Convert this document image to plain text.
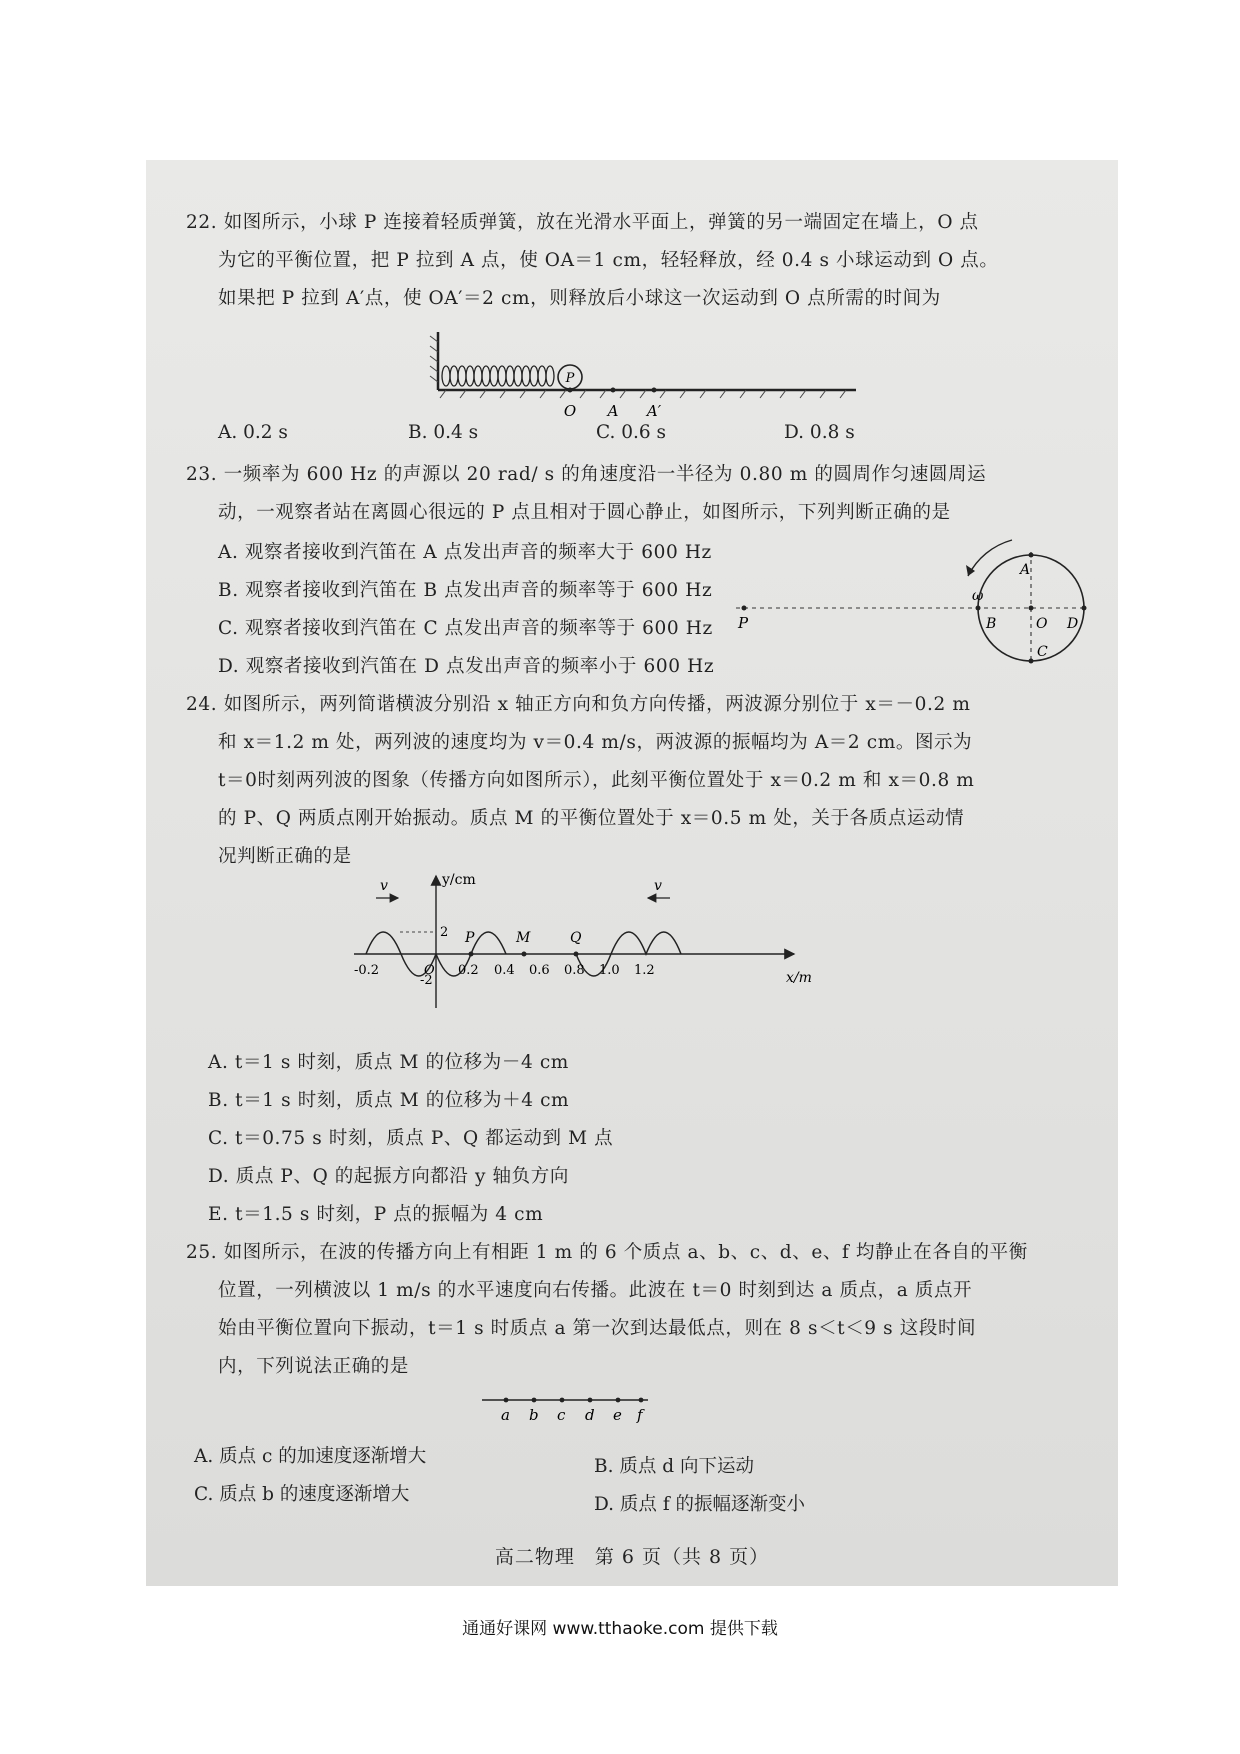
22. 如图所示，小球 P 连接着轻质弹簧，放在光滑水平面上，弹簧的另一端固定在墙上，O 点
为它的平衡位置，把 P 拉到 A 点，使 OA＝1 cm，轻轻释放，经 0.4 s 小球运动到 O 点。
如果把 P 拉到 A′点，使 OA′＝2 cm，则释放后小球这一次运动到 O 点所需的时间为
P
O A A′
A. 0.2 s	B. 0.4 s	C. 0.6 s	D. 0.8 s
23. 一频率为 600 Hz 的声源以 20 rad/ s 的角速度沿一半径为 0.80 m 的圆周作匀速圆周运
动，一观察者站在离圆心很远的 P 点且相对于圆心静止，如图所示，下列判断正确的是
A. 观察者接收到汽笛在 A 点发出声音的频率大于 600 Hz
B. 观察者接收到汽笛在 B 点发出声音的频率等于 600 Hz
C. 观察者接收到汽笛在 C 点发出声音的频率等于 600 Hz
D. 观察者接收到汽笛在 D 点发出声音的频率小于 600 Hz
P
A
B	O D
C
ω
24. 如图所示，两列简谐横波分别沿 x 轴正方向和负方向传播，两波源分别位于 x＝－0.2 m
和 x＝1.2 m 处，两列波的速度均为 v＝0.4 m/s，两波源的振幅均为 A＝2 cm。图示为
t＝0时刻两列波的图象（传播方向如图所示），此刻平衡位置处于 x＝0.2 m 和 x＝0.8 m
的 P、Q 两质点刚开始振动。质点 M 的平衡位置处于 x＝0.5 m 处，关于各质点运动情
况判断正确的是
v	v
y/cm
x/m
2
-2
-0.2	O 0.2 0.4 0.6 0.8 1.0 1.2
P	M	Q
A. t＝1 s 时刻，质点 M 的位移为－4 cm
B. t＝1 s 时刻，质点 M 的位移为＋4 cm
C. t＝0.75 s 时刻，质点 P、Q 都运动到 M 点
D. 质点 P、Q 的起振方向都沿 y 轴负方向
E. t＝1.5 s 时刻，P 点的振幅为 4 cm
25. 如图所示，在波的传播方向上有相距 1 m 的 6 个质点 a、b、c、d、e、f 均静止在各自的平衡
位置，一列横波以 1 m/s 的水平速度向右传播。此波在 t＝0 时刻到达 a 质点，a 质点开
始由平衡位置向下振动，t＝1 s 时质点 a 第一次到达最低点，则在 8 s＜t＜9 s 这段时间
内，下列说法正确的是
a b c d e f
A. 质点 c 的加速度逐渐增大	B. 质点 d 向下运动
C. 质点 b 的速度逐渐增大	D. 质点 f 的振幅逐渐变小
高二物理　第 6 页（共 8 页）
通通好课网 www.tthaoke.com 提供下载
